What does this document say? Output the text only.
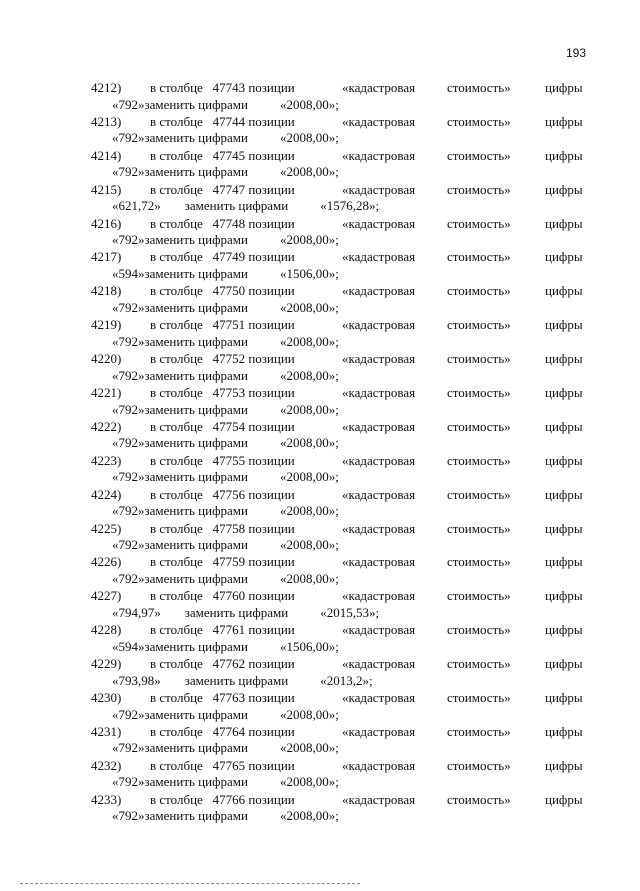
193
4212) в столбце 47743 позиции	«кадастровая стоимость»	цифры
«792»заменить цифрами «2008,00»;
4213) в столбце 47744 позиции	«кадастровая стоимость»	цифры
«792»заменить цифрами «2008,00»;
4214) в столбце 47745 позиции	«кадастровая стоимость»	цифры
«792»заменить цифрами «2008,00»;
4215) в столбце 47747 позиции	«кадастровая стоимость»	цифры
«621,72» заменить цифрами «1576,28»;
4216) в столбце 47748 позиции	«кадастровая стоимость»	цифры
«792»заменить цифрами «2008,00»;
4217) в столбце 47749 позиции	«кадастровая стоимость»	цифры
«594»заменить цифрами «1506,00»;
4218) в столбце 47750 позиции	«кадастровая стоимость»	цифры
«792»заменить цифрами «2008,00»;
4219) в столбце 47751 позиции	«кадастровая стоимость»	цифры
«792»заменить цифрами «2008,00»;
4220) в столбце 47752 позиции	«кадастровая стоимость»	цифры
«792»заменить цифрами «2008,00»;
4221) в столбце 47753 позиции	«кадастровая стоимость»	цифры
«792»заменить цифрами «2008,00»;
4222) в столбце 47754 позиции	«кадастровая стоимость»	цифры
«792»заменить цифрами «2008,00»;
4223) в столбце 47755 позиции	«кадастровая стоимость»	цифры
«792»заменить цифрами «2008,00»;
4224) в столбце 47756 позиции	«кадастровая стоимость»	цифры
«792»заменить цифрами «2008,00»;
4225) в столбце 47758 позиции	«кадастровая стоимость»	цифры
«792»заменить цифрами «2008,00»;
4226) в столбце 47759 позиции	«кадастровая стоимость»	цифры
«792»заменить цифрами «2008,00»;
4227) в столбце 47760 позиции	«кадастровая стоимость»	цифры
«794,97» заменить цифрами «2015,53»;
4228) в столбце 47761 позиции	«кадастровая стоимость»	цифры
«594»заменить цифрами «1506,00»;
4229) в столбце 47762 позиции	«кадастровая стоимость»	цифры
«793,98» заменить цифрами «2013,2»;
4230) в столбце 47763 позиции	«кадастровая стоимость»	цифры
«792»заменить цифрами «2008,00»;
4231) в столбце 47764 позиции	«кадастровая стоимость»	цифры
«792»заменить цифрами «2008,00»;
4232) в столбце 47765 позиции	«кадастровая стоимость»	цифры
«792»заменить цифрами «2008,00»;
4233) в столбце 47766 позиции	«кадастровая стоимость»	цифры
«792»заменить цифрами «2008,00»;
